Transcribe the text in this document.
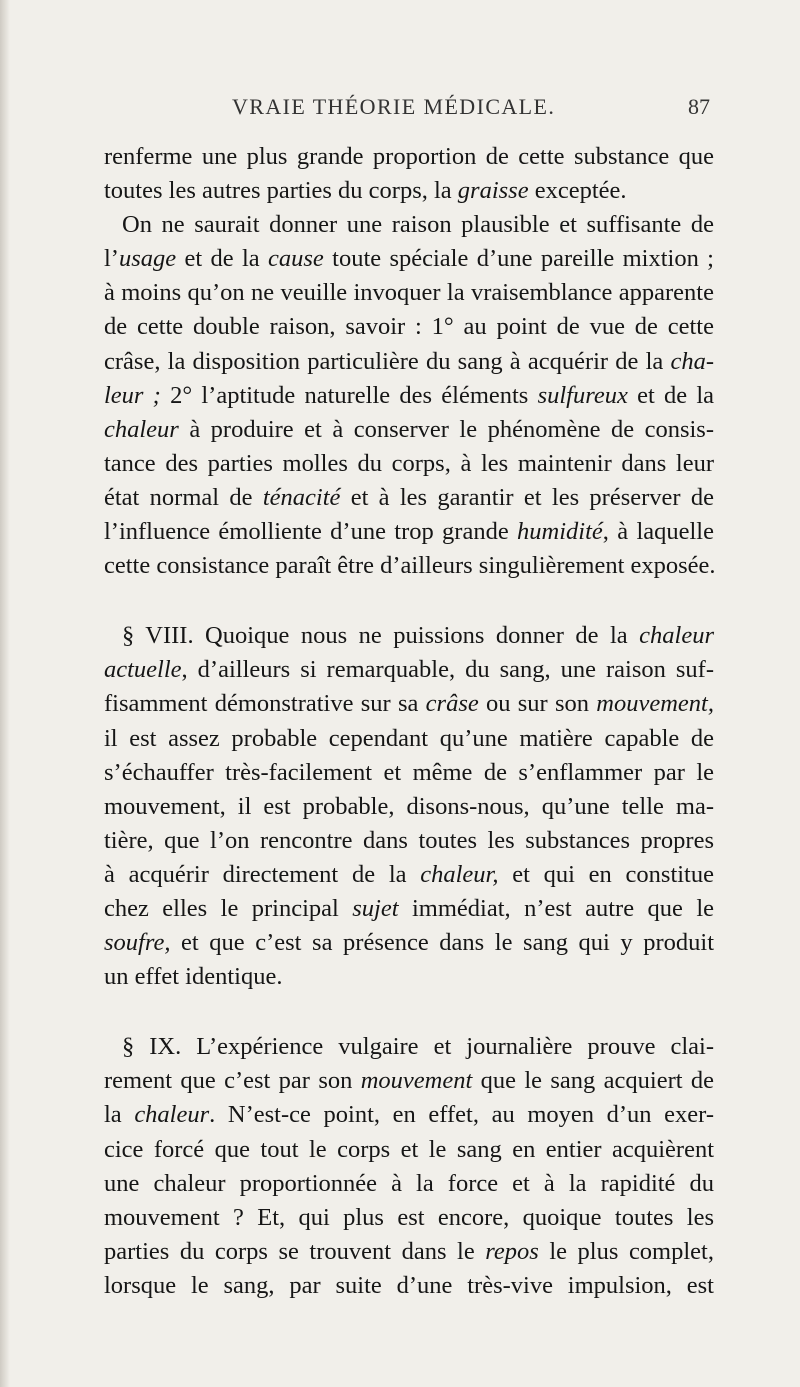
VRAIE THÉORIE MÉDICALE.	87
renferme une plus grande proportion de cette substance que
toutes les autres parties du corps, la graisse exceptée.
On ne saurait donner une raison plausible et suffisante de
l’usage et de la cause toute spéciale d’une pareille mixtion ;
à moins qu’on ne veuille invoquer la vraisemblance apparente
de cette double raison, savoir : 1° au point de vue de cette
crâse, la disposition particulière du sang à acquérir de la cha-
leur ; 2° l’aptitude naturelle des éléments sulfureux et de la
chaleur à produire et à conserver le phénomène de consis-
tance des parties molles du corps, à les maintenir dans leur
état normal de ténacité et à les garantir et les préserver de
l’influence émolliente d’une trop grande humidité, à laquelle
cette consistance paraît être d’ailleurs singulièrement exposée.
§ VIII. Quoique nous ne puissions donner de la chaleur
actuelle, d’ailleurs si remarquable, du sang, une raison suf-
fisamment démonstrative sur sa crâse ou sur son mouvement,
il est assez probable cependant qu’une matière capable de
s’échauffer très-facilement et même de s’enflammer par le
mouvement, il est probable, disons-nous, qu’une telle ma-
tière, que l’on rencontre dans toutes les substances propres
à acquérir directement de la chaleur, et qui en constitue
chez elles le principal sujet immédiat, n’est autre que le
soufre, et que c’est sa présence dans le sang qui y produit
un effet identique.
§ IX. L’expérience vulgaire et journalière prouve clai-
rement que c’est par son mouvement que le sang acquiert de
la chaleur. N’est-ce point, en effet, au moyen d’un exer-
cice forcé que tout le corps et le sang en entier acquièrent
une chaleur proportionnée à la force et à la rapidité du
mouvement ? Et, qui plus est encore, quoique toutes les
parties du corps se trouvent dans le repos le plus complet,
lorsque le sang, par suite d’une très-vive impulsion, est
